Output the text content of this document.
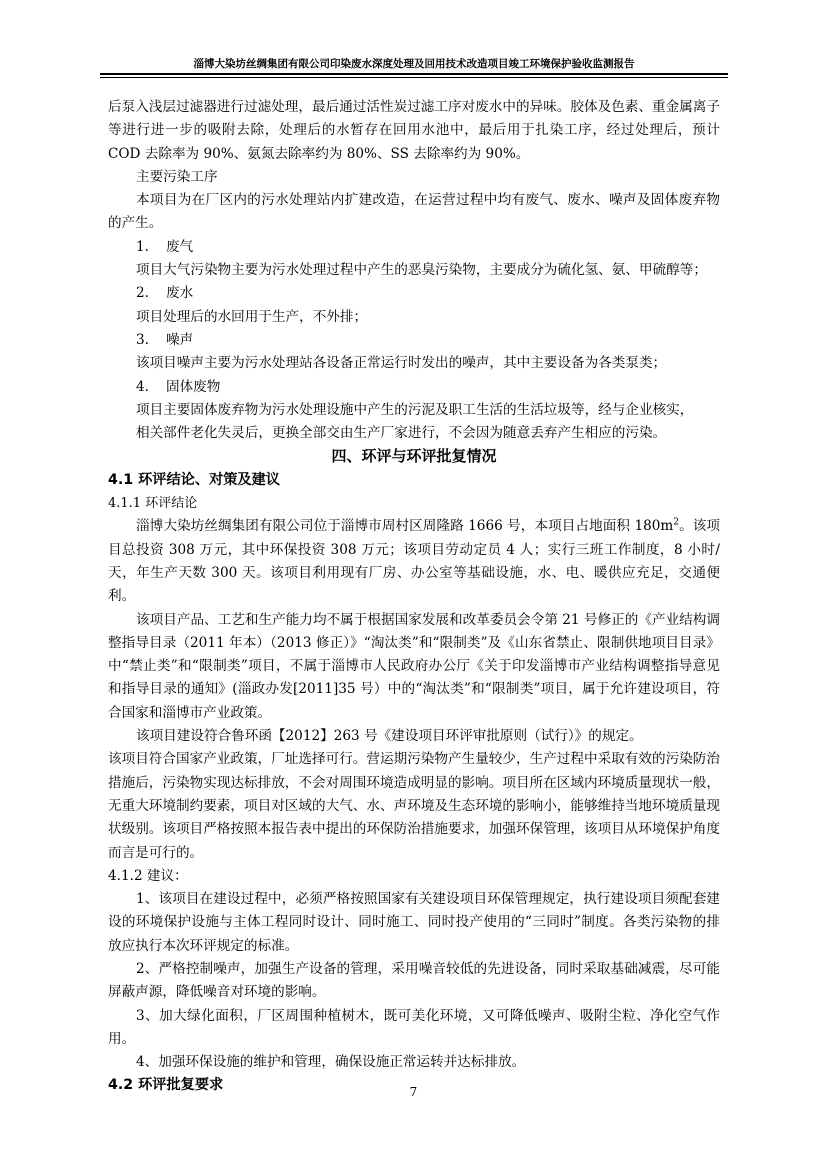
淄博大染坊丝绸集团有限公司印染废水深度处理及回用技术改造项目竣工环境保护验收监测报告

后泵入浅层过滤器进行过滤处理，最后通过活性炭过滤工序对废水中的异味。胶体及色素、重金属离子等进行进一步的吸附去除，处理后的水暂存在回用水池中，最后用于扎染工序，经过处理后，预计 COD 去除率为 90%、氨氮去除率约为 80%、SS 去除率约为 90%。

主要污染工序

本项目为在厂区内的污水处理站内扩建改造，在运营过程中均有废气、废水、噪声及固体废弃物的产生。

1. 废气

项目大气污染物主要为污水处理过程中产生的恶臭污染物，主要成分为硫化氢、氨、甲硫醇等；

2. 废水

项目处理后的水回用于生产，不外排；

3. 噪声

该项目噪声主要为污水处理站各设备正常运行时发出的噪声，其中主要设备为各类泵类；

4. 固体废物

项目主要固体废弃物为污水处理设施中产生的污泥及职工生活的生活垃圾等，经与企业核实，

相关部件老化失灵后，更换全部交由生产厂家进行，不会因为随意丢弃产生相应的污染。

四、环评与环评批复情况

4.1 环评结论、对策及建议

4.1.1 环评结论

淄博大染坊丝绸集团有限公司位于淄博市周村区周隆路 1666 号，本项目占地面积 $180m^2$。该项目总投资 308 万元，其中环保投资 308 万元；该项目劳动定员 4 人；实行三班工作制度，8 小时/天，年生产天数 300 天。该项目利用现有厂房、办公室等基础设施，水、电、暖供应充足，交通便利。

该项目产品、工艺和生产能力均不属于根据国家发展和改革委员会令第 21 号修正的《产业结构调整指导目录（2011 年本）（2013 修正）》“淘汰类”和“限制类”及《山东省禁止、限制供地项目目录》中“禁止类”和“限制类”项目，不属于淄博市人民政府办公厅《关于印发淄博市产业结构调整指导意见和指导目录的通知》(淄政办发[2011]35 号）中的“淘汰类”和“限制类”项目，属于允许建设项目，符合国家和淄博市产业政策。

该项目建设符合鲁环函【2012】263 号《建设项目环评审批原则（试行）》的规定。

该项目符合国家产业政策，厂址选择可行。营运期污染物产生量较少，生产过程中采取有效的污染防治措施后，污染物实现达标排放，不会对周围环境造成明显的影响。项目所在区域内环境质量现状一般，无重大环境制约要素，项目对区域的大气、水、声环境及生态环境的影响小，能够维持当地环境质量现状级别。该项目严格按照本报告表中提出的环保防治措施要求，加强环保管理，该项目从环境保护角度而言是可行的。

4.1.2 建议：

1、该项目在建设过程中，必须严格按照国家有关建设项目环保管理规定，执行建设项目须配套建设的环境保护设施与主体工程同时设计、同时施工、同时投产使用的“三同时”制度。各类污染物的排放应执行本次环评规定的标准。

2、严格控制噪声，加强生产设备的管理，采用噪音较低的先进设备，同时采取基础减震，尽可能屏蔽声源，降低噪音对环境的影响。

3、加大绿化面积，厂区周围种植树木，既可美化环境，又可降低噪声、吸附尘粒、净化空气作用。

4、加强环保设施的维护和管理，确保设施正常运转并达标排放。

4.2 环评批复要求	7
